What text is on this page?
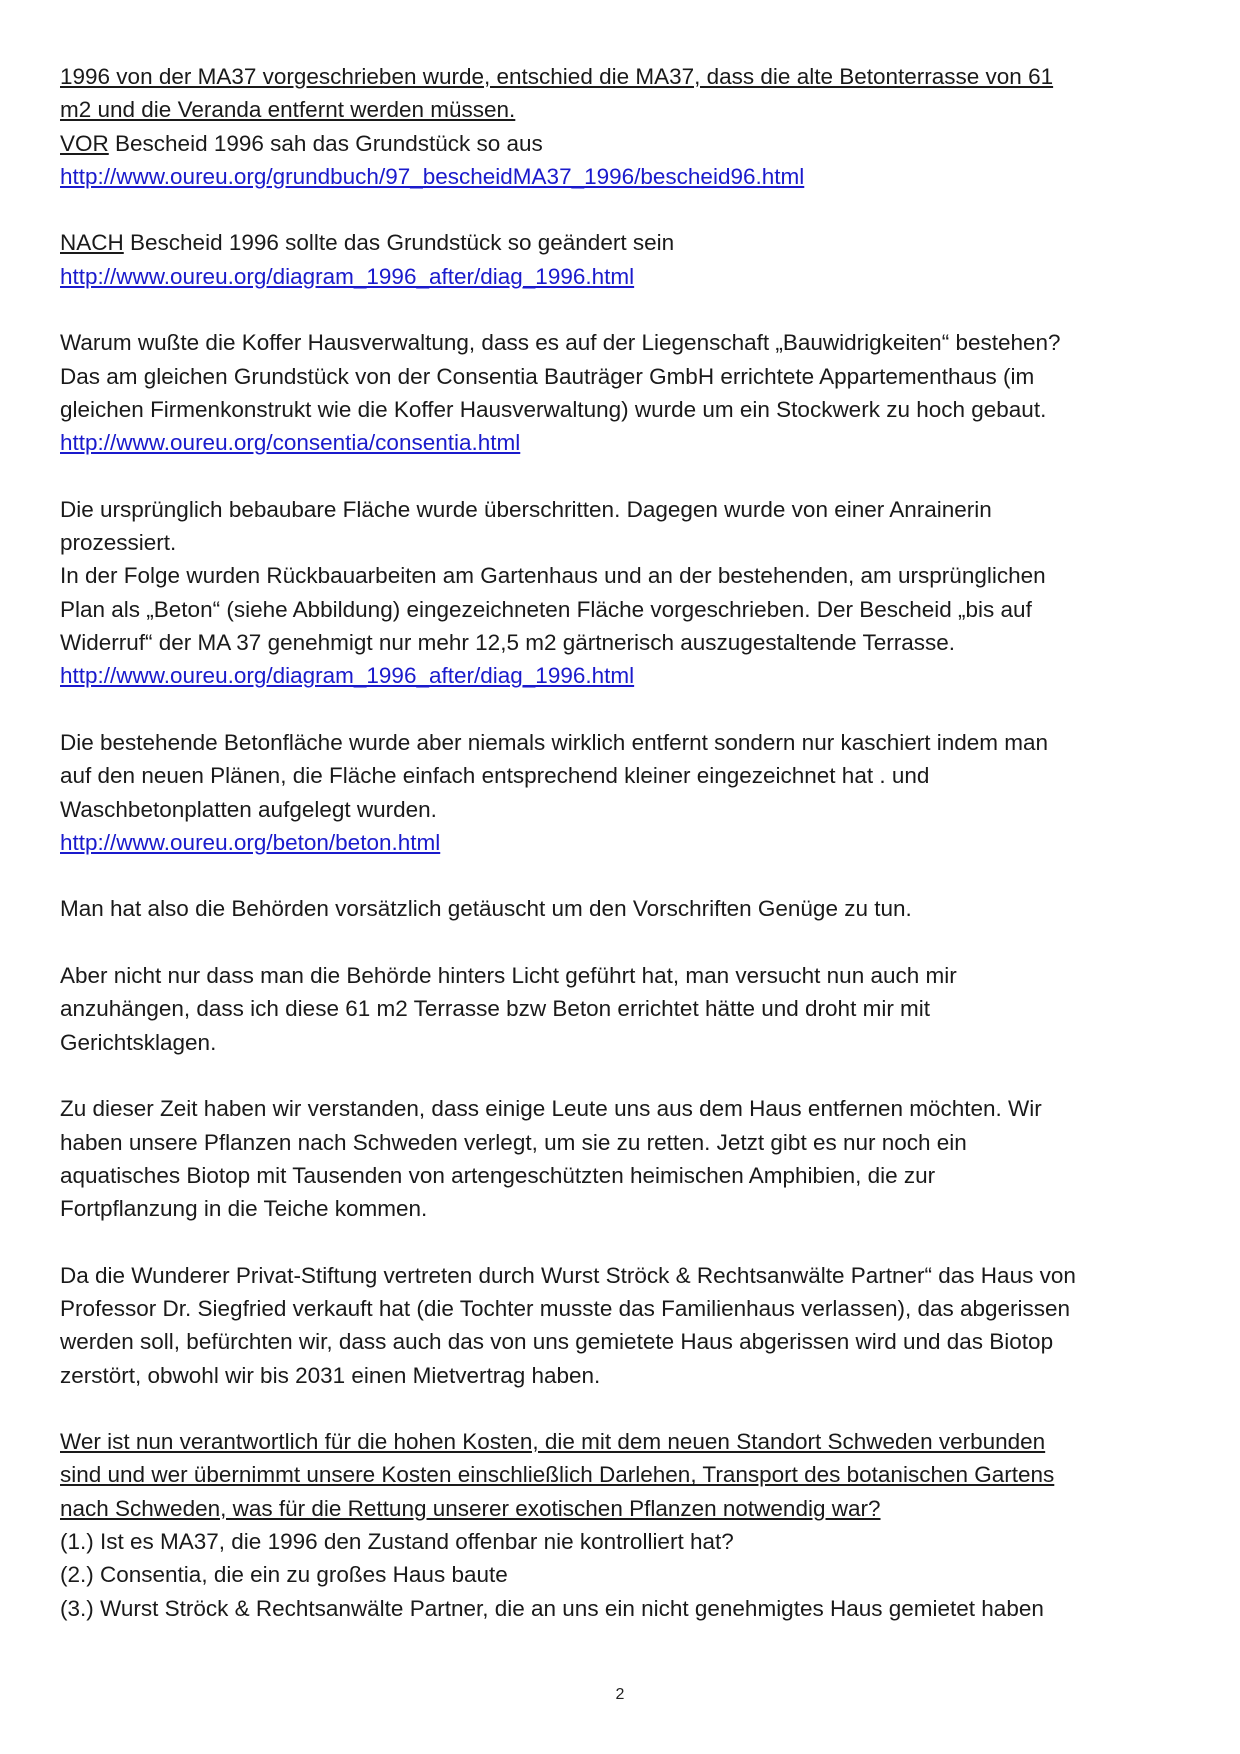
1996 von der MA37 vorgeschrieben wurde, entschied die MA37, dass die alte Betonterrasse von 61

m2 und die Veranda entfernt werden müssen.

VOR Bescheid 1996 sah das Grundstück so aus

http://www.oureu.org/grundbuch/97_bescheidMA37_1996/bescheid96.html

NACH Bescheid 1996 sollte das Grundstück so geändert sein

http://www.oureu.org/diagram_1996_after/diag_1996.html

Warum wußte die Koffer Hausverwaltung, dass es auf der Liegenschaft „Bauwidrigkeiten“ bestehen?

Das am gleichen Grundstück von der Consentia Bauträger GmbH errichtete Appartementhaus (im

gleichen Firmenkonstrukt wie die Koffer Hausverwaltung) wurde um ein Stockwerk zu hoch gebaut.

http://www.oureu.org/consentia/consentia.html

Die ursprünglich bebaubare Fläche wurde überschritten. Dagegen wurde von einer Anrainerin

prozessiert.

In der Folge wurden Rückbauarbeiten am Gartenhaus und an der bestehenden, am ursprünglichen

Plan als „Beton“ (siehe Abbildung) eingezeichneten Fläche vorgeschrieben. Der Bescheid „bis auf

Widerruf“ der MA 37 genehmigt nur mehr 12,5 m2 gärtnerisch auszugestaltende Terrasse.

http://www.oureu.org/diagram_1996_after/diag_1996.html

Die bestehende Betonfläche wurde aber niemals wirklich entfernt sondern nur kaschiert indem man

auf den neuen Plänen, die Fläche einfach entsprechend kleiner eingezeichnet hat . und

Waschbetonplatten aufgelegt wurden.

http://www.oureu.org/beton/beton.html

Man hat also die Behörden vorsätzlich getäuscht um den Vorschriften Genüge zu tun.

Aber nicht nur dass man die Behörde hinters Licht geführt hat, man versucht nun auch mir

anzuhängen, dass ich diese 61 m2 Terrasse bzw Beton errichtet hätte und droht mir mit

Gerichtsklagen.

Zu dieser Zeit haben wir verstanden, dass einige Leute uns aus dem Haus entfernen möchten. Wir

haben unsere Pflanzen nach Schweden verlegt, um sie zu retten. Jetzt gibt es nur noch ein

aquatisches Biotop mit Tausenden von artengeschützten heimischen Amphibien, die zur

Fortpflanzung in die Teiche kommen.

Da die Wunderer Privat-Stiftung vertreten durch Wurst Ströck & Rechtsanwälte Partner“ das Haus von

Professor Dr. Siegfried verkauft hat (die Tochter musste das Familienhaus verlassen), das abgerissen

werden soll, befürchten wir, dass auch das von uns gemietete Haus abgerissen wird und das Biotop

zerstört, obwohl wir bis 2031 einen Mietvertrag haben.

Wer ist nun verantwortlich für die hohen Kosten, die mit dem neuen Standort Schweden verbunden

sind und wer übernimmt unsere Kosten einschließlich Darlehen, Transport des botanischen Gartens

nach Schweden, was für die Rettung unserer exotischen Pflanzen notwendig war?

(1.) Ist es MA37, die 1996 den Zustand offenbar nie kontrolliert hat?

(2.) Consentia, die ein zu großes Haus baute

(3.) Wurst Ströck & Rechtsanwälte Partner, die an uns ein nicht genehmigtes Haus gemietet haben

2
